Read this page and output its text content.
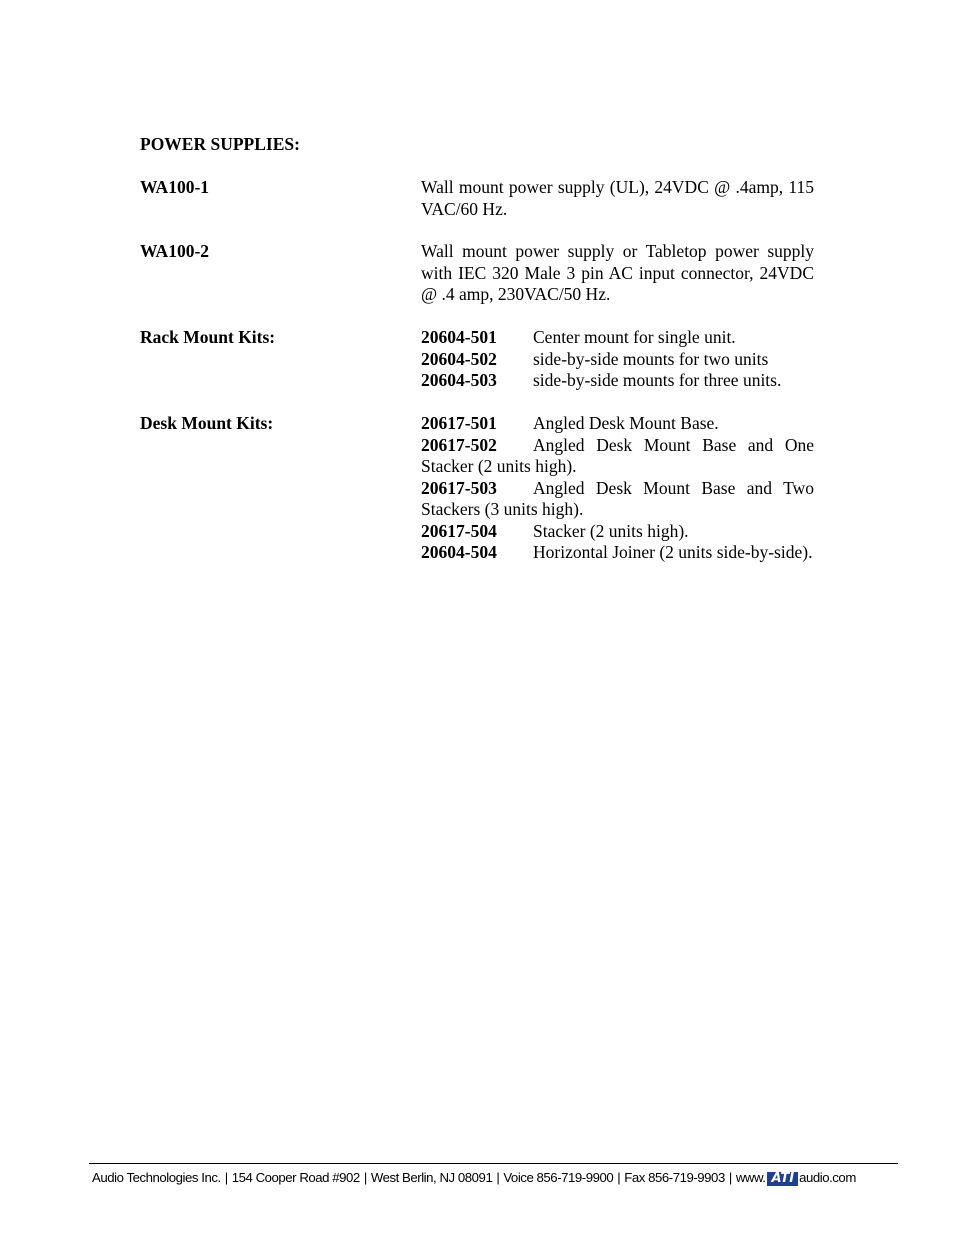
POWER SUPPLIES:
WA100-1	Wall mount power supply (UL), 24VDC @ .4amp, 115 VAC/60 Hz.

WA100-2	Wall mount power supply or Tabletop power supply with IEC 320 Male 3 pin AC input connector, 24VDC @ .4 amp, 230VAC/50 Hz.

Rack Mount Kits:	20604-501 Center mount for single unit.

20604-502 side-by-side mounts for two units

20604-503 side-by-side mounts for three units.

Desk Mount Kits:	20617-501 Angled Desk Mount Base.

20617-502 Angled Desk Mount Base and One Stacker (2 units high).

20617-503 Angled Desk Mount Base and Two Stackers (3 units high).

20617-504 Stacker (2 units high).

20604-504 Horizontal Joiner (2 units side-by-side).

Audio Technologies Inc. | 154 Cooper Road #902 | West Berlin, NJ 08091 | Voice 856-719-9900 | Fax 856-719-9903 | www. ATI audio.com
